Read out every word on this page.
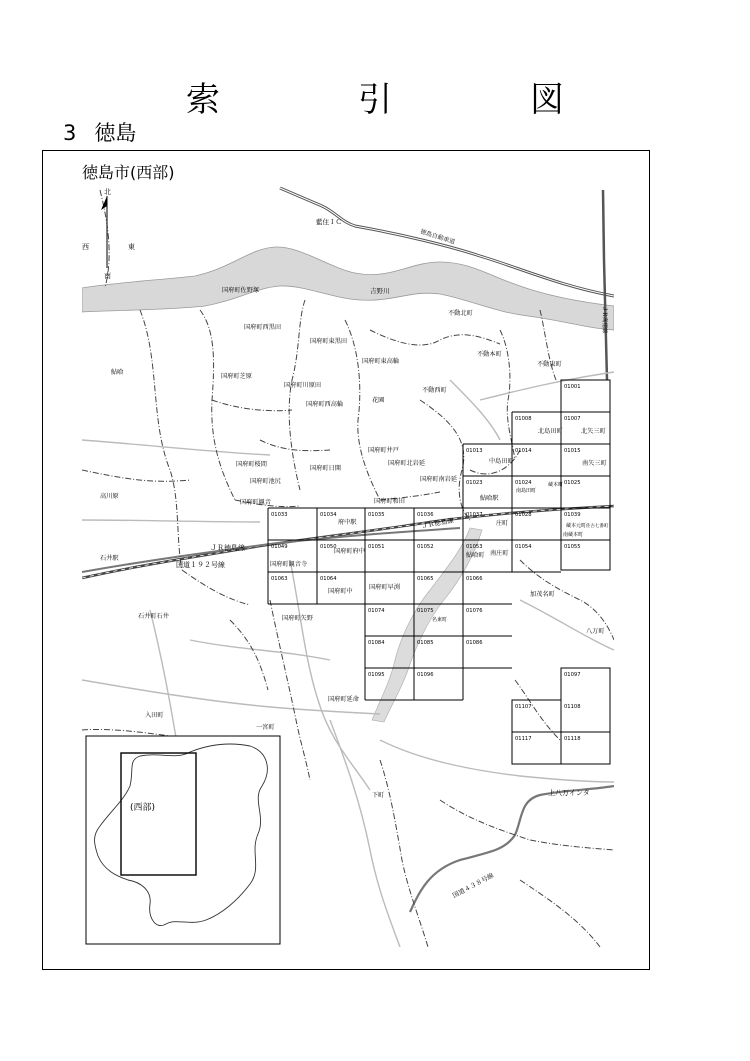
索　引　図
3 徳島
徳島市(西部)
北
南
西	東
藍住ＩＣ
徳島自動車道
吉野川
ＪＲ高徳線
国府町佐野塚
国府町西黒田
国府町東黒田
不動北町
不動本町
不動東町
不動西町
国府町東高輪
国府町芝原
国府町川原田
国府町西高輪
鮎喰
花園
北島田町	北矢三町
国府町井戸
中島田町	南矢三町
国府町桜間	国府町北岩延
国府町日開
国府町南岩延
国府町池尻
鮎喰駅
南島田町
蔵本町
高川原
国府町和田
国府町観音
府中駅	ＪＲ徳島線	庄町	蔵本元町
南蔵本町
佐古七番町
ＪＲ徳島線
石井駅
国府町府中
鮎喰町 南庄町
国道１９２号線	国府町観音寺
国府町中
国府町早渕
加茂名町
石井町石井	国府町矢野	名東町
八万町
入田町
一宮町
国府町延命
下町	上八万インタ
国道４３８号線
(西部)
01001
01007
01008
01013	01014	01015
01023	01024	01025
01028
01033	01034	01035	01036	01037	01039
01049	01050	01051	01052	01053	01054	01055
01063	01064	01065	01066
01074	01075	01076
01084	01085	01086
01095	01096	01097
01107	01108
01117	01118
